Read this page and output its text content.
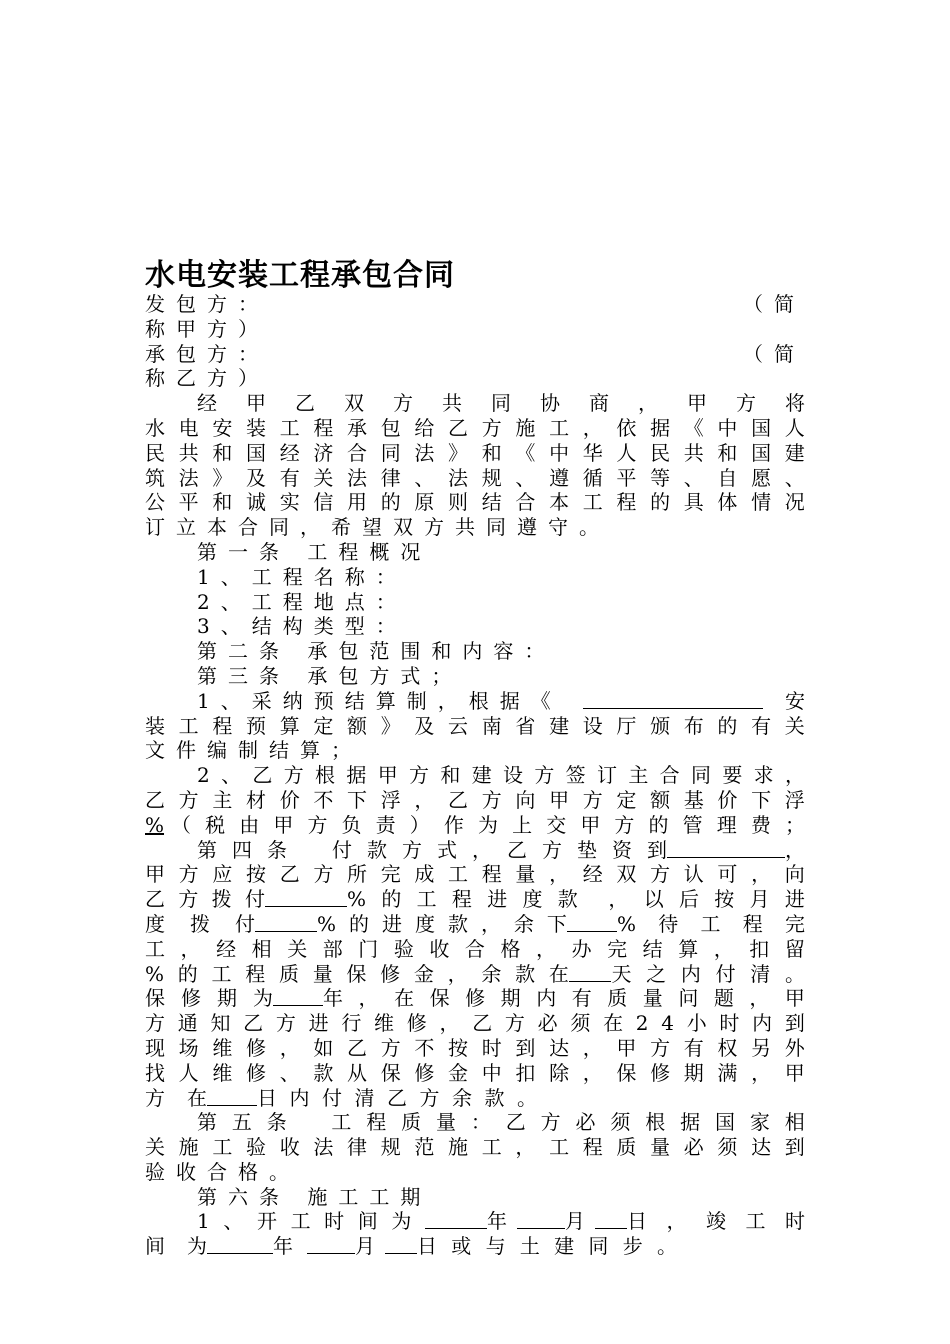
水电安装工程承包合同
发包方：	（简
称甲方）
承包方：	（简
称乙方）
经 甲 乙 双 方 共 同 协 商 ， 甲 方 将
水 电 安 装 工 程 承 包 给 乙 方 施 工 ， 依 据 《 中 国 人
民 共 和 国 经 济 合 同 法 》 和 《 中 华 人 民 共 和 国 建
筑 法 》 及 有 关 法 律 、 法 规 、 遵 循 平 等 、 自 愿 、
公 平 和 诚 实 信 用 的 原 则 结 合 本 工 程 的 具 体 情 况
订立本合同，希望双方共同遵守。
第一条 工程概况
1、工程名称：
2、工程地点：
3、结构类型：
第二条 承包范围和内容：
第三条 承包方式；
1、采纳预结算制，根据《	安
装 工 程 预 算 定 额 》 及 云 南 省 建 设 厅 颁 布 的 有 关
文件编制结算；
2 、 乙 方 根 据 甲 方 和 建 设 方 签 订 主 合 同 要 求 ，
乙 方 主 材 价 不 下 浮 ， 乙 方 向 甲 方 定 额 基 价 下 浮
% （ 税 由 甲 方 负 责 ） 作 为 上 交 甲 方 的 管 理 费 ；
第 四 条 付 款 方 式 ， 乙 方 垫 资 到	，
甲 方 应 按 乙 方 所 完 成 工 程 量 ， 经 双 方 认 可 ， 向
乙 方 拨 付	% 的 工 程 进 度 款 ， 以 后 按 月 进
度 拨 付	% 的 进 度 款 ， 余 下	% 待 工 程 完
工 ， 经 相 关 部 门 验 收 合 格 ， 办 完 结 算 ， 扣 留
% 的 工 程 质 量 保 修 金 ， 余 款 在 天 之 内 付 清 。
保 修 期 为	年 ， 在 保 修 期 内 有 质 量 问 题 ， 甲
方 通 知 乙 方 进 行 维 修 ， 乙 方 必 须 在 2 4 小 时 内 到
现 场 维 修 ， 如 乙 方 不 按 时 到 达 ， 甲 方 有 权 另 外
找 人 维 修 、 款 从 保 修 金 中 扣 除 ， 保 修 期 满 ， 甲
方 在	日 内 付 清 乙 方 余 款 。
第 五 条 工 程 质 量 ： 乙 方 必 须 根 据 国 家 相
关 施 工 验 收 法 律 规 范 施 工 ， 工 程 质 量 必 须 达 到
验收合格。
第六条 施工工期
1 、 开 工 时 间 为	年	月	日 ， 竣 工 时
间 为	年	月	日 或 与 土 建 同 步 。
